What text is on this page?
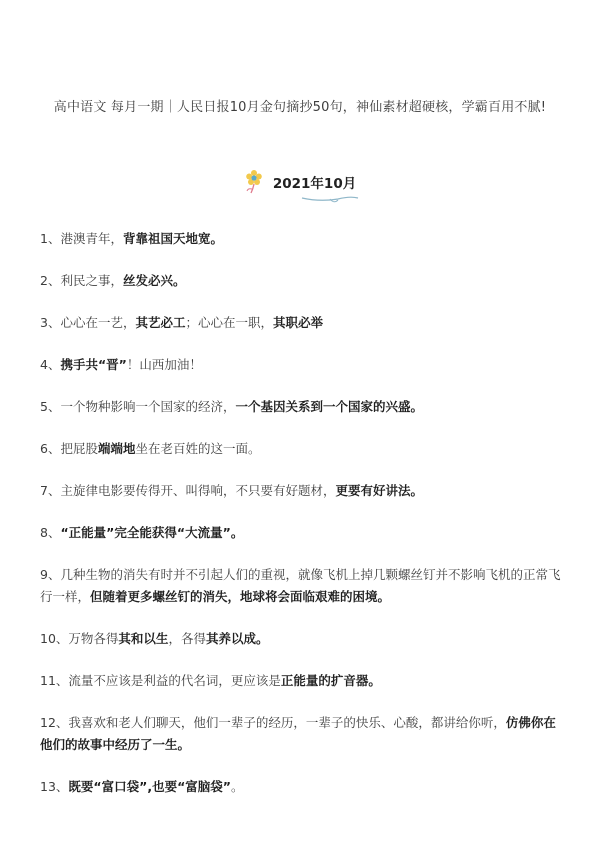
高中语文 每月一期｜人民日报10月金句摘抄50句，神仙素材超硬核，学霸百用不腻!
2021年10月
1、港澳青年，背靠祖国天地宽。
2、利民之事，丝发必兴。
3、心心在一艺，其艺必工；心心在一职，其职必举
4、携手共“晋”！山西加油！
5、一个物种影响一个国家的经济，一个基因关系到一个国家的兴盛。
6、把屁股端端地坐在老百姓的这一面。
7、主旋律电影要传得开、叫得响，不只要有好题材，更要有好讲法。
8、“正能量”完全能获得“大流量”。
9、几种生物的消失有时并不引起人们的重视，就像飞机上掉几颗螺丝钉并不影响飞机的正常飞行一样，但随着更多螺丝钉的消失，地球将会面临艰难的困境。
10、万物各得其和以生，各得其养以成。
11、流量不应该是利益的代名词，更应该是正能量的扩音器。
12、我喜欢和老人们聊天，他们一辈子的经历，一辈子的快乐、心酸，都讲给你听，仿佛你在他们的故事中经历了一生。
13、既要“富口袋”,也要“富脑袋”。
